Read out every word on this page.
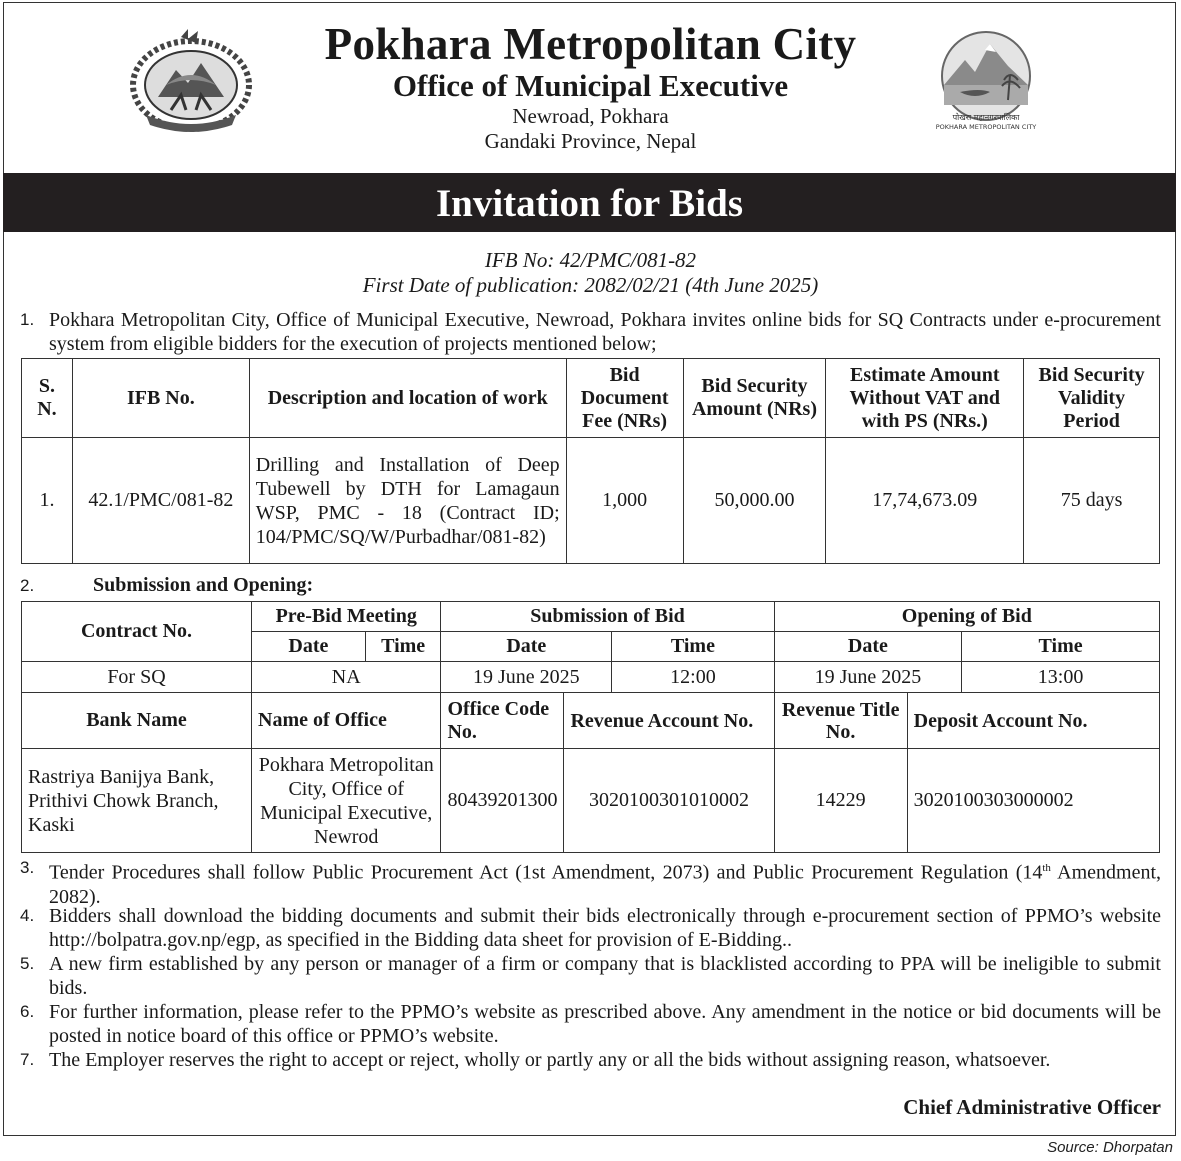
पोखरा महानगरपालिका
POKHARA METROPOLITAN CITY
Pokhara Metropolitan City
Office of Municipal Executive
Newroad, Pokhara
Gandaki Province, Nepal
Invitation for Bids
IFB No: 42/PMC/081-82
First Date of publication: 2082/02/21 (4th June 2025)
1. Pokhara Metropolitan City, Office of Municipal Executive, Newroad, Pokhara invites online bids for SQ Contracts under e-procurement system from eligible bidders for the execution of projects mentioned below;
S. N.	IFB No.	Description and location of work	Bid Document Fee (NRs)	Bid Security Amount (NRs)	Estimate Amount Without VAT and with PS (NRs.)	Bid Security Validity Period
1.	42.1/PMC/081-82	Drilling and Installation of Deep Tubewell by DTH for Lamagaun WSP, PMC - 18 (Contract ID; 104/PMC/SQ/W/Purbadhar/081-82)	1,000	50,000.00	17,74,673.09	75 days
2.	Submission and Opening:
Contract No.	Pre-Bid Meeting		Submission of Bid			Opening of Bid		
	Date	Time	Date		Time	Date		Time
For SQ	NA		19 June 2025		12:00	19 June 2025		13:00
Bank Name	Name of Office		Office Code No.	Revenue Account No.		Revenue Title No.	Deposit Account No.	
Rastriya Banijya Bank, Prithivi Chowk Branch, Kaski	Pokhara Metropolitan City, Office of Municipal Executive, Newrod		80439201300	3020100301010002		14229	3020100303000002	
3. Tender Procedures shall follow Public Procurement Act (1st Amendment, 2073) and Public Procurement Regulation (14th Amendment, 2082).
4. Bidders shall download the bidding documents and submit their bids electronically through e-procurement section of PPMO’s website http://bolpatra.gov.np/egp, as specified in the Bidding data sheet for provision of E-Bidding..
5. A new firm established by any person or manager of a firm or company that is blacklisted according to PPA will be ineligible to submit bids.
6. For further information, please refer to the PPMO’s website as prescribed above. Any amendment in the notice or bid documents will be posted in notice board of this office or PPMO’s website.
7. The Employer reserves the right to accept or reject, wholly or partly any or all the bids without assigning reason, whatsoever.
Chief Administrative Officer
Source: Dhorpatan
